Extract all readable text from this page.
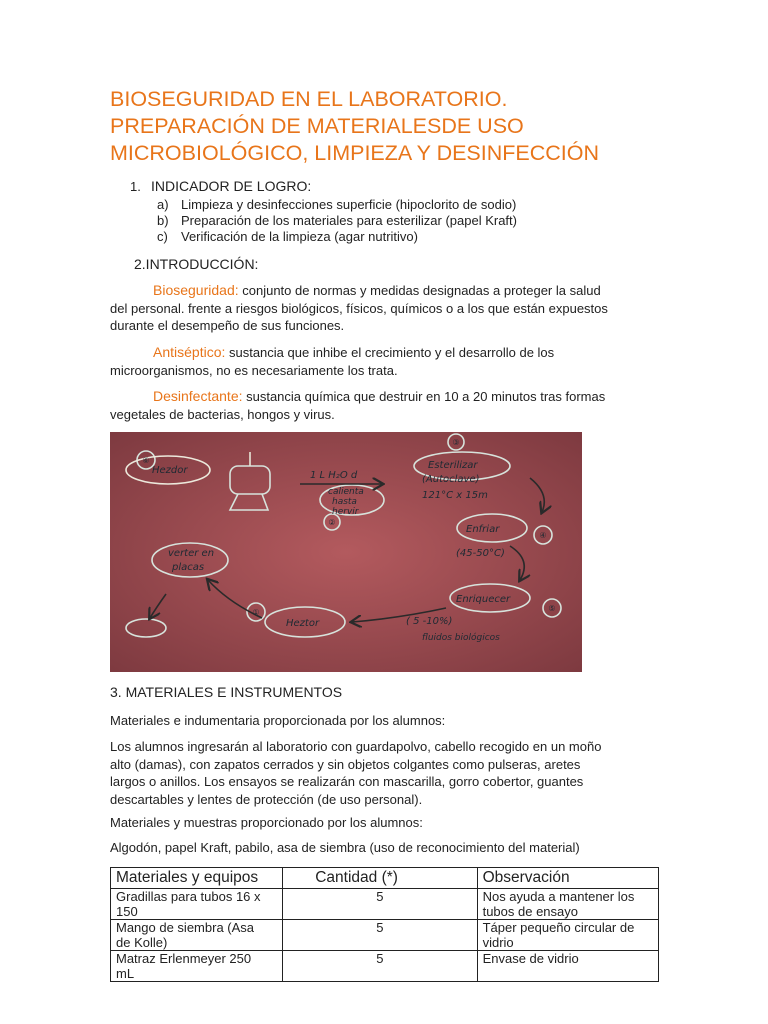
BIOSEGURIDAD EN EL LABORATORIO.
PREPARACIÓN DE MATERIALESDE USO
MICROBIOLÓGICO, LIMPIEZA Y DESINFECCIÓN
1. INDICADOR DE LOGRO:
a) Limpieza y desinfecciones superficie (hipoclorito de sodio)
b) Preparación de los materiales para esterilizar (papel Kraft)
c) Verificación de la limpieza (agar nutritivo)
2.INTRODUCCIÓN:

Bioseguridad: conjunto de normas y medidas designadas a proteger la salud
del personal. frente a riesgos biológicos, físicos, químicos o a los que están expuestos
durante el desempeño de sus funciones.

Antiséptico: sustancia que inhibe el crecimiento y el desarrollo de los
microorganismos, no es necesariamente los trata.

Desinfectante: sustancia química que destruir en 10 a 20 minutos tras formas
vegetales de bacterias, hongos y virus.

⑥
Hezdor	1 L H₂O d
calienta
hasta
hervir
②
③
Esterilizar
(Autoclave)
121°C x 15m
Enfriar
④
(45-50°C)
Enriquecer
⑤
( 5 -10%)
fluidos biológicos
Heztor
①
verter en
placas
3. MATERIALES E INSTRUMENTOS
Materiales e indumentaria proporcionada por los alumnos:

Los alumnos ingresarán al laboratorio con guardapolvo, cabello recogido en un moño
alto (damas), con zapatos cerrados y sin objetos colgantes como pulseras, aretes
largos o anillos. Los ensayos se realizarán con mascarilla, gorro cobertor, guantes
descartables y lentes de protección (de uso personal).

Materiales y muestras proporcionado por los alumnos:
Algodón, papel Kraft, pabilo, asa de siembra (uso de reconocimiento del material)
Materiales y equipos	Cantidad (*)	Observación
Gradillas para tubos 16 x
150	5	Nos ayuda a mantener los
tubos de ensayo
Mango de siembra (Asa
de Kolle)	5	Táper pequeño circular de
vidrio
Matraz Erlenmeyer 250
mL	5	Envase de vidrio
